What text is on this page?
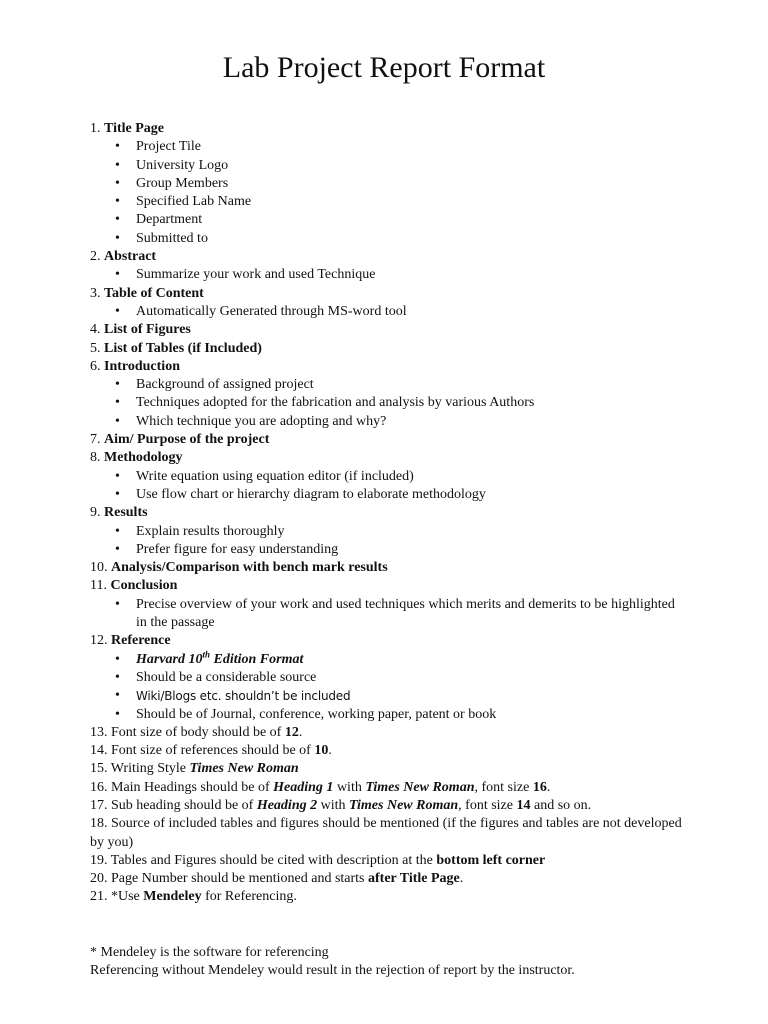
Lab Project Report Format
1. Title Page
• Project Tile
• University Logo
• Group Members
• Specified Lab Name
• Department
• Submitted to
2. Abstract
• Summarize your work and used Technique
3. Table of Content
• Automatically Generated through MS-word tool
4. List of Figures
5. List of Tables (if Included)
6. Introduction
• Background of assigned project
• Techniques adopted for the fabrication and analysis by various Authors
• Which technique you are adopting and why?
7. Aim/ Purpose of the project
8. Methodology
• Write equation using equation editor (if included)
• Use flow chart or hierarchy diagram to elaborate methodology
9. Results
• Explain results thoroughly
• Prefer figure for easy understanding
10. Analysis/Comparison with bench mark results
11. Conclusion
• Precise overview of your work and used techniques which merits and demerits to be highlighted in the passage
12. Reference
• Harvard 10th Edition Format
• Should be a considerable source
• Wiki/Blogs etc. shouldn’t be included
• Should be of Journal, conference, working paper, patent or book
13. Font size of body should be of 12.
14. Font size of references should be of 10.
15. Writing Style Times New Roman
16. Main Headings should be of Heading 1 with Times New Roman, font size 16.
17. Sub heading should be of Heading 2 with Times New Roman, font size 14 and so on.
18. Source of included tables and figures should be mentioned (if the figures and tables are not developed by you)
19. Tables and Figures should be cited with description at the bottom left corner
20. Page Number should be mentioned and starts after Title Page.
21. *Use Mendeley for Referencing.
* Mendeley is the software for referencing
Referencing without Mendeley would result in the rejection of report by the instructor.
